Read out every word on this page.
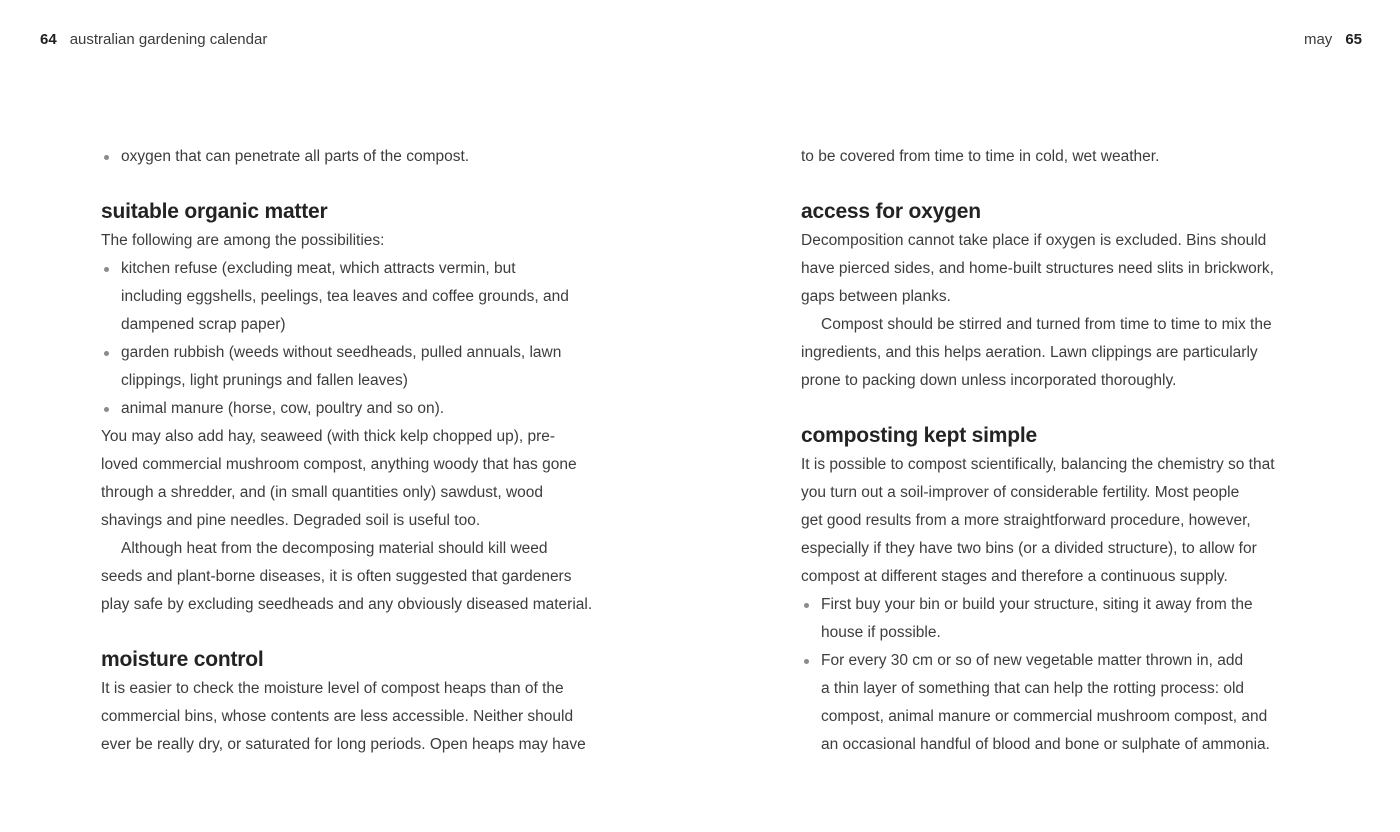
64 australian gardening calendar	may 65
oxygen that can penetrate all parts of the compost.
suitable organic matter
The following are among the possibilities:
kitchen refuse (excluding meat, which attracts vermin, but
including eggshells, peelings, tea leaves and coffee grounds, and
dampened scrap paper)
garden rubbish (weeds without seedheads, pulled annuals, lawn
clippings, light prunings and fallen leaves)
animal manure (horse, cow, poultry and so on).
You may also add hay, seaweed (with thick kelp chopped up), pre-
loved commercial mushroom compost, anything woody that has gone
through a shredder, and (in small quantities only) sawdust, wood
shavings and pine needles. Degraded soil is useful too.
Although heat from the decomposing material should kill weed
seeds and plant-borne diseases, it is often suggested that gardeners
play safe by excluding seedheads and any obviously diseased material.
moisture control
It is easier to check the moisture level of compost heaps than of the
commercial bins, whose contents are less accessible. Neither should
ever be really dry, or saturated for long periods. Open heaps may have
to be covered from time to time in cold, wet weather.
access for oxygen
Decomposition cannot take place if oxygen is excluded. Bins should
have pierced sides, and home-built structures need slits in brickwork,
gaps between planks.
Compost should be stirred and turned from time to time to mix the
ingredients, and this helps aeration. Lawn clippings are particularly
prone to packing down unless incorporated thoroughly.
composting kept simple
It is possible to compost scientifically, balancing the chemistry so that
you turn out a soil-improver of considerable fertility. Most people
get good results from a more straightforward procedure, however,
especially if they have two bins (or a divided structure), to allow for
compost at different stages and therefore a continuous supply.
First buy your bin or build your structure, siting it away from the
house if possible.
For every 30 cm or so of new vegetable matter thrown in, add
a thin layer of something that can help the rotting process: old
compost, animal manure or commercial mushroom compost, and
an occasional handful of blood and bone or sulphate of ammonia.
